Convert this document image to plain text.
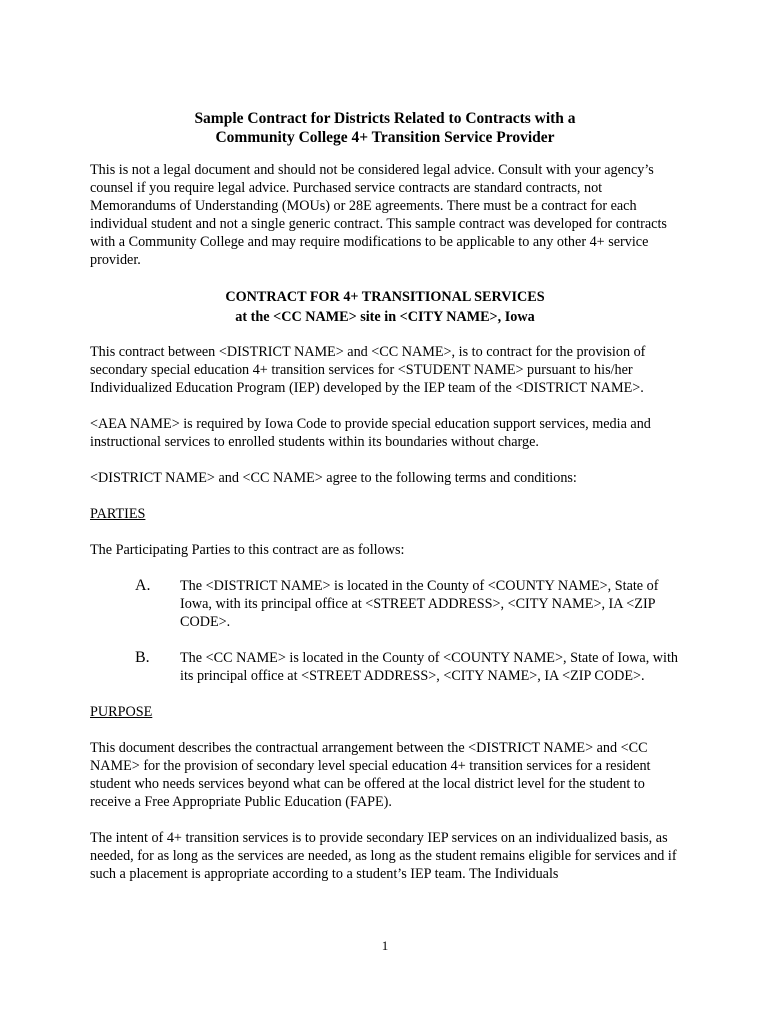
Sample Contract for Districts Related to Contracts with a
Community College 4+ Transition Service Provider

This is not a legal document and should not be considered legal advice. Consult with your agency’s counsel if you require legal advice. Purchased service contracts are standard contracts, not Memorandums of Understanding (MOUs) or 28E agreements. There must be a contract for each individual student and not a single generic contract. This sample contract was developed for contracts with a Community College and may require modifications to be applicable to any other 4+ service provider.

CONTRACT FOR 4+ TRANSITIONAL SERVICES
at the <CC NAME> site in <CITY NAME>, Iowa

This contract between <DISTRICT NAME> and <CC NAME>, is to contract for the provision of secondary special education 4+ transition services for <STUDENT NAME> pursuant to his/her Individualized Education Program (IEP) developed by the IEP team of the <DISTRICT NAME>.

<AEA NAME> is required by Iowa Code to provide special education support services, media and instructional services to enrolled students within its boundaries without charge.

<DISTRICT NAME> and <CC NAME> agree to the following terms and conditions:

PARTIES

The Participating Parties to this contract are as follows:

A.	The <DISTRICT NAME> is located in the County of <COUNTY NAME>, State of Iowa, with its principal office at <STREET ADDRESS>, <CITY NAME>, IA <ZIP CODE>.

B.	The <CC NAME> is located in the County of <COUNTY NAME>, State of Iowa, with its principal office at <STREET ADDRESS>, <CITY NAME>, IA <ZIP CODE>.

PURPOSE

This document describes the contractual arrangement between the <DISTRICT NAME> and <CC NAME> for the provision of secondary level special education 4+ transition services for a resident student who needs services beyond what can be offered at the local district level for the student to receive a Free Appropriate Public Education (FAPE).

The intent of 4+ transition services is to provide secondary IEP services on an individualized basis, as needed, for as long as the services are needed, as long as the student remains eligible for services and if such a placement is appropriate according to a student’s IEP team. The Individuals

1
